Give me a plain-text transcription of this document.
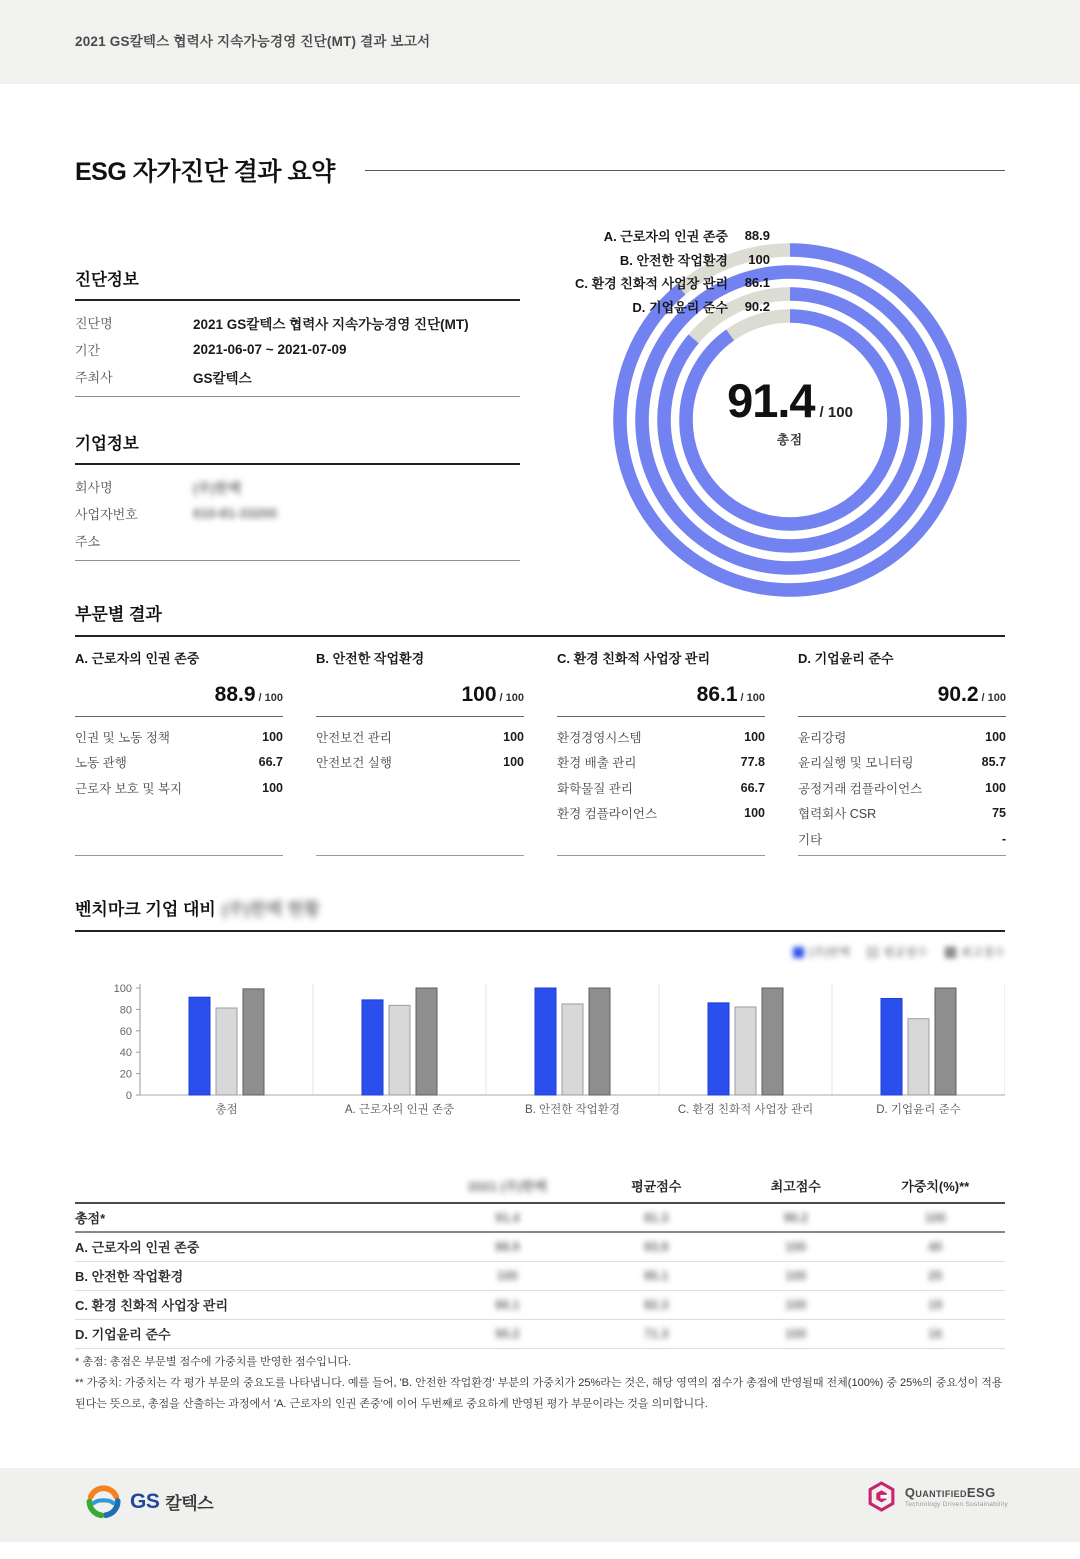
2021 GS칼텍스 협력사 지속가능경영 진단(MT) 결과 보고서
ESG 자가진단 결과 요약
진단정보
진단명	2021 GS칼텍스 협력사 지속가능경영 진단(MT)
기간	2021-06-07 ~ 2021-07-09
주최사	GS칼텍스
기업정보
회사명	(주)한백
사업자번호	610-81-33200
주소
A. 근로자의 인권 존중	88.9
B. 안전한 작업환경	100
C. 환경 친화적 사업장 관리	86.1
D. 기업윤리 준수	90.2
91.4 / 100
총점
부문별 결과
A. 근로자의 인권 존중
88.9 / 100
인권 및 노동 정책	100
노동 관행	66.7
근로자 보호 및 복지	100
B. 안전한 작업환경
100 / 100
안전보건 관리	100
안전보건 실행	100
C. 환경 친화적 사업장 관리
86.1 / 100
환경경영시스템	100
환경 배출 관리	77.8
화학물질 관리	66.7
환경 컴플라이언스	100
D. 기업윤리 준수
90.2 / 100
윤리강령	100
윤리실행 및 모니터링	85.7
공정거래 컴플라이언스	100
협력회사 CSR	75
기타	-
벤치마크 기업 대비 (주)한백 현황
(주)한백	평균점수	최고점수
0
20
40
60
80
100
총점	A. 근로자의 인권 존중	B. 안전한 작업환경	C. 환경 친화적 사업장 관리	D. 기업윤리 준수
	2021 (주)한백	평균점수	최고점수	가중치(%)**
총점*	91.4	81.3	99.2	100
A. 근로자의 인권 존중	88.9	83.8	100	40
B. 안전한 작업환경	100	85.1	100	25
C. 환경 친화적 사업장 관리	86.1	82.3	100	19
D. 기업윤리 준수	90.2	71.3	100	16

* 총점: 총점은 부문별 점수에 가중치를 반영한 점수입니다.

** 가중치: 가중치는 각 평가 부문의 중요도를 나타냅니다. 예를 들어, 'B. 안전한 작업환경' 부분의 가중치가 25%라는 것은, 해당 영역의 점수가 총점에 반영될때 전체(100%) 중 25%의 중요성이 적용된다는 뜻으로, 총점을 산출하는 과정에서 'A. 근로자의 인권 존중'에 이어 두번째로 중요하게 반영된 평가 부문이라는 것을 의미합니다.

GS 칼텍스
QuantifiedESG
Technology Driven Sustainability
